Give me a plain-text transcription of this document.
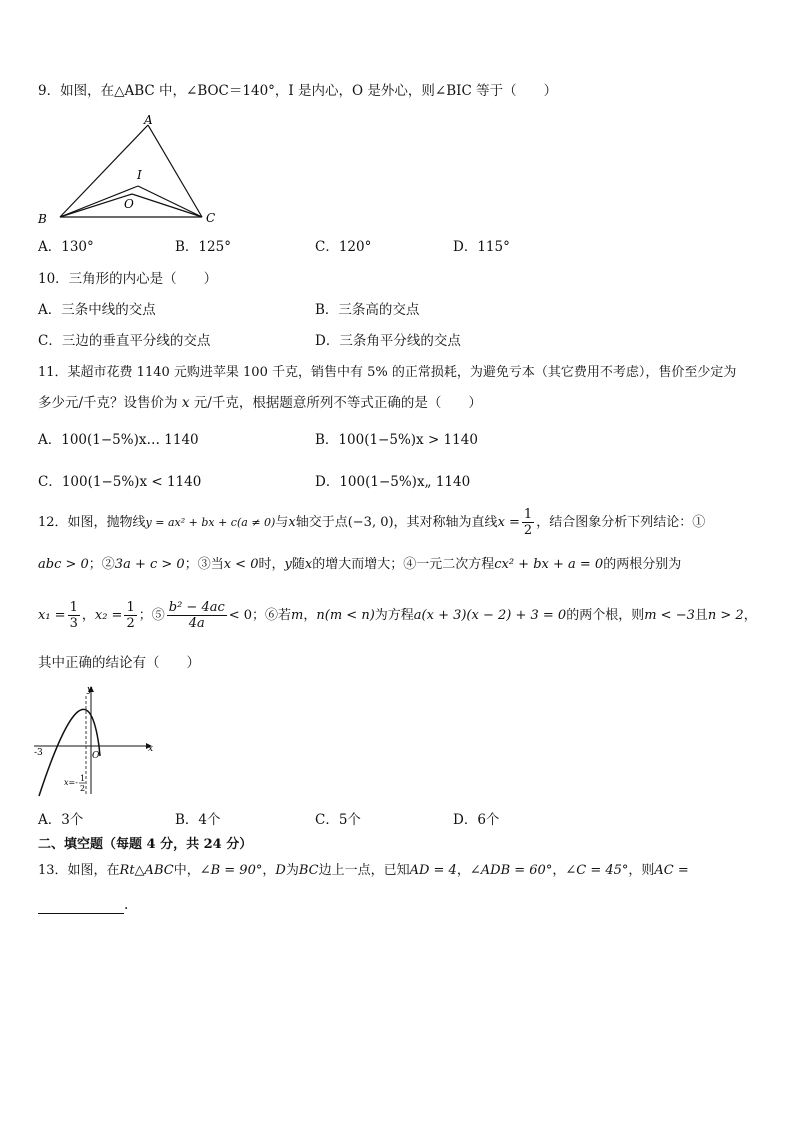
9．如图，在△ABC 中，∠BOC＝140°，I 是内心，O 是外心，则∠BIC 等于（　　）
A
B	C
I
O
A．130°	B．125°	C．120°	D．115°
10．三角形的内心是（　　）
A．三条中线的交点	B．三条高的交点
C．三边的垂直平分线的交点	D．三条角平分线的交点
11．某超市花费 1140 元购进苹果 100 千克，销售中有 5% 的正常损耗，为避免亏本（其它费用不考虑），售价至少定为
多少元/千克？设售价为 x 元/千克，根据题意所列不等式正确的是（　　）
A．100(1−5%)x… 1140	B．100(1−5%)x > 1140
C．100(1−5%)x < 1140	D．100(1−5%)x„ 1140
12．如图，抛物线y = ax² + bx + c(a ≠ 0)与x轴交于点(−3, 0)，其对称轴为直线$x = \frac{1}{2}$ ，结合图象分析下列结论：①
abc > 0；②3a + c > 0；③当x < 0时，y随x的增大而增大；④一元二次方程cx² + bx + a = 0的两根分别为
$x_1 = \frac{1}{3}$ ，$x_2 = \frac{1}{2}$ ；⑤ $\frac{\text{b² − 4ac}}{4a} < 0$；⑥若m，n(m < n)为方程a(x + 3)(x − 2) + 3 = 0的两个根，则m < −3且n > 2，
其中正确的结论有（　　）
y
x
O
-3
x=- 1
2
A．3个	B．4个	C．5个	D．6个
二、填空题（每题 4 分，共 24 分）
13．如图，在Rt△ABC中，∠B = 90°，D为BC边上一点，已知AD = 4，∠ADB = 60°，∠C = 45°，则AC =
.
